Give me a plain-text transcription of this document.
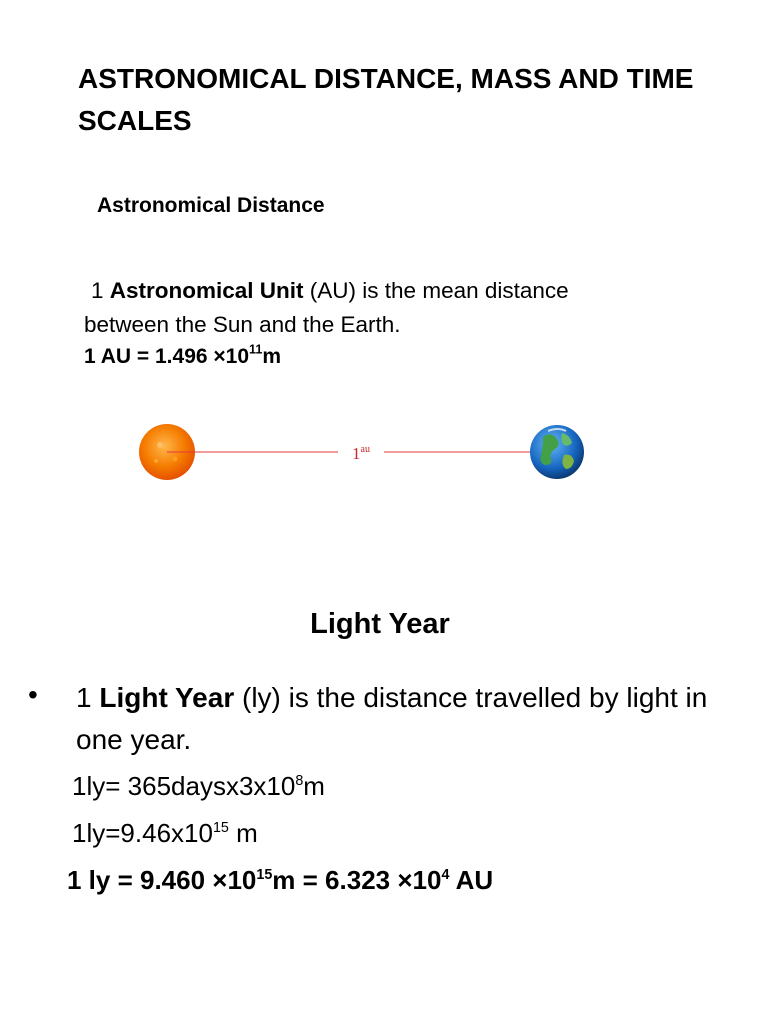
ASTRONOMICAL DISTANCE, MASS AND TIME SCALES
Astronomical Distance

1 Astronomical Unit (AU) is the mean distance
between the Sun and the Earth.

1 AU = $1.496 \times 10^{11}m$

$1^{au}$
Light Year
• 1 Light Year (ly) is the distance travelled by light in one year.

$1ly= 365daysx3x10^8m$

$1ly=9.46x10^{15}$ m

1 ly = $9.460 \times 10^{15}m = 6.323 \times 10^4$ AU
